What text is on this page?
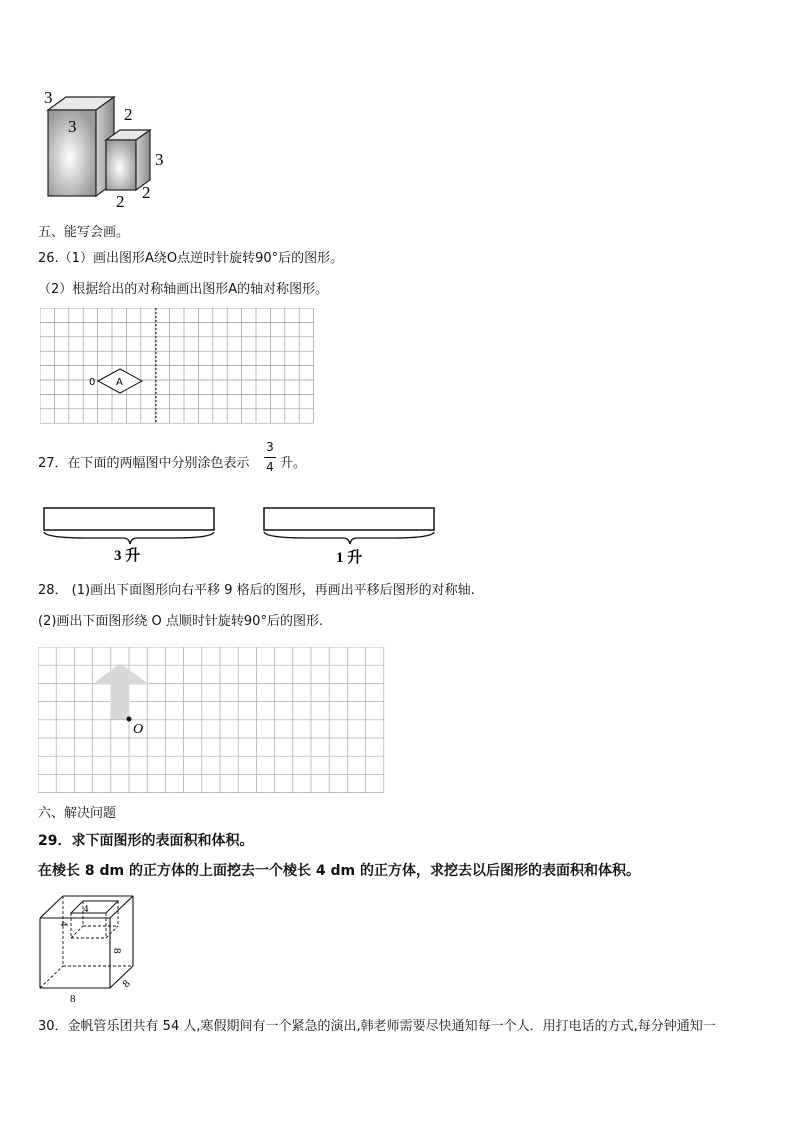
3
3
2
3
2
2
五、能写会画。
26.（1）画出图形A绕O点逆时针旋转90°后的图形。
（2）根据给出的对称轴画出图形A的轴对称图形。
0 A
27．在下面的两幅图中分别涂色表示
3
4 升。
3 升	1 升
28． (1)画出下面图形向右平移 9 格后的图形，再画出平移后图形的对称轴.
(2)画出下面图形绕 O 点顺时针旋转90°后的图形.
O
六、解决问题
29．求下面图形的表面积和体积。
在棱长 8 dm 的正方体的上面挖去一个棱长 4 dm 的正方体，求挖去以后图形的表面积和体积。
4
4
8
8
8
30．金帆管乐团共有 54 人,寒假期间有一个紧急的演出,韩老师需要尽快通知每一个人．用打电话的方式,每分钟通知一
